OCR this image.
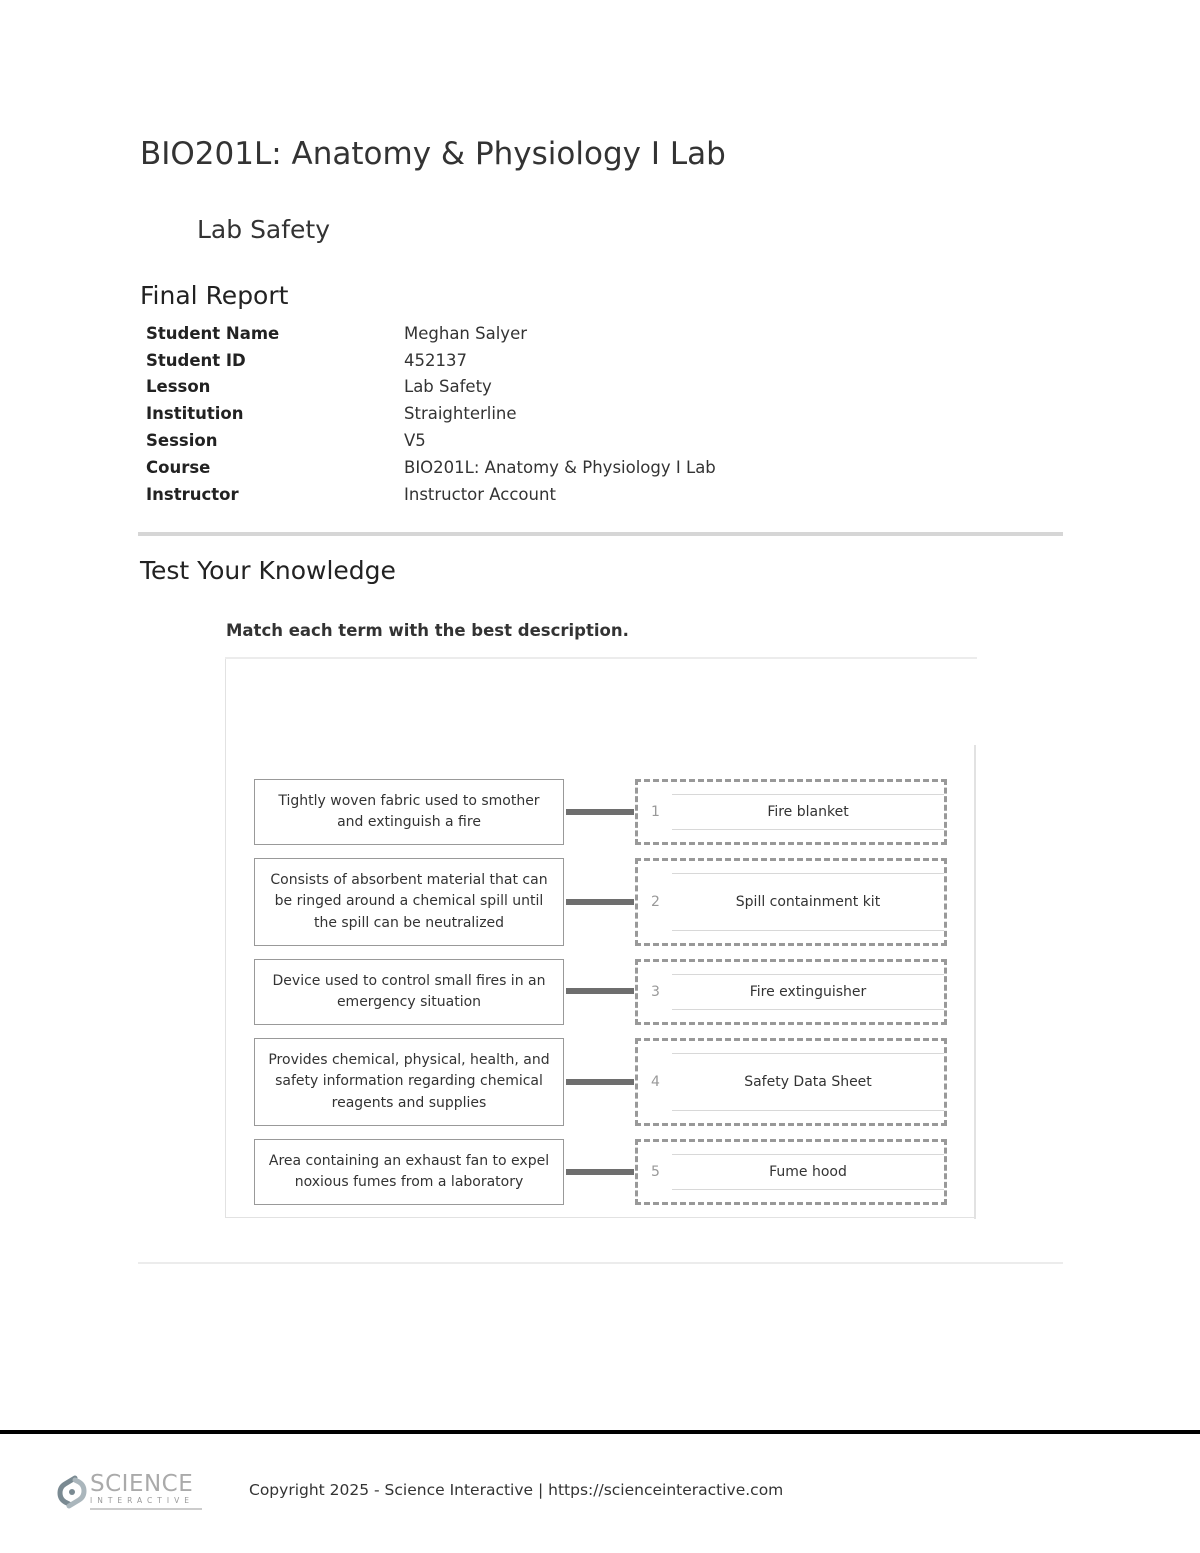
BIO201L: Anatomy & Physiology I Lab
Lab Safety
Final Report
Student Name	Meghan Salyer
Student ID	452137
Lesson	Lab Safety
Institution	Straighterline
Session	V5
Course	BIO201L: Anatomy & Physiology I Lab
Instructor	Instructor Account
Test Your Knowledge
Match each term with the best description.
Tightly woven fabric used to smother and extinguish a fire
1	Fire blanket
Consists of absorbent material that can be ringed around a chemical spill until the spill can be neutralized
2	Spill containment kit
Device used to control small fires in an emergency situation
3	Fire extinguisher
Provides chemical, physical, health, and safety information regarding chemical reagents and supplies
4	Safety Data Sheet
Area containing an exhaust fan to expel noxious fumes from a laboratory
5	Fume hood
SCIENCE
INTERACTIVE
Copyright 2025 - Science Interactive | https://scienceinteractive.com
